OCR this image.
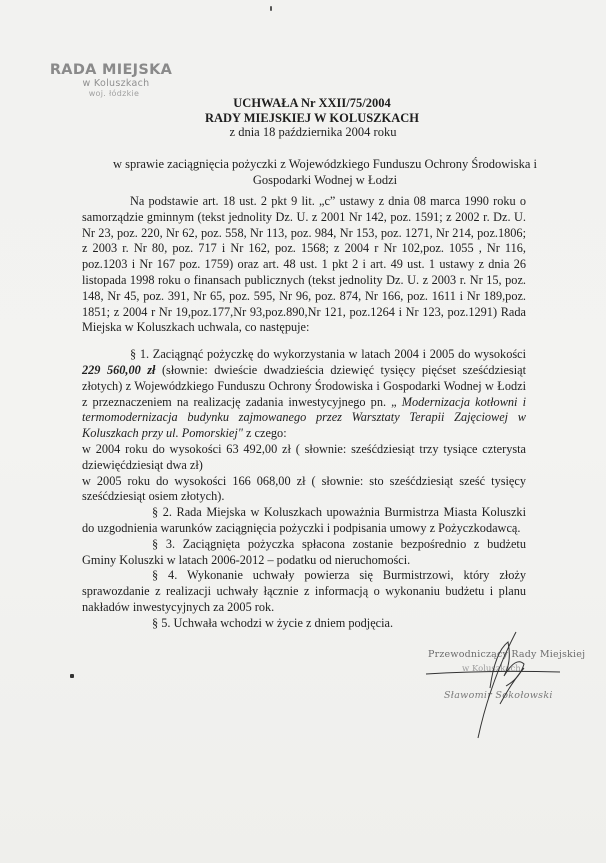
RADA MIEJSKA
w Koluszkach
woj. łódzkie
UCHWAŁA Nr XXII/75/2004
RADY MIEJSKIEJ W KOLUSZKACH
z dnia 18 października 2004 roku
w sprawie zaciągnięcia pożyczki z Wojewódzkiego Funduszu Ochrony Środowiska i
Gospodarki Wodnej w Łodzi

Na podstawie art. 18 ust. 2 pkt 9 lit. „c” ustawy z dnia 08 marca 1990 roku o samorządzie gminnym (tekst jednolity Dz. U. z 2001 Nr 142, poz. 1591; z 2002 r. Dz. U. Nr 23, poz. 220, Nr 62, poz. 558, Nr 113, poz. 984, Nr 153, poz. 1271, Nr 214, poz.1806; z 2003 r. Nr 80, poz. 717 i Nr 162, poz. 1568; z 2004 r Nr 102,poz. 1055 , Nr 116, poz.1203 i Nr 167 poz. 1759) oraz art. 48 ust. 1 pkt 2 i art. 49 ust. 1 ustawy z dnia 26 listopada 1998 roku o finansach publicznych (tekst jednolity Dz. U. z 2003 r. Nr 15, poz. 148, Nr 45, poz. 391, Nr 65, poz. 595, Nr 96, poz. 874, Nr 166, poz. 1611 i Nr 189,poz. 1851; z 2004 r Nr 19,poz.177,Nr 93,poz.890,Nr 121, poz.1264 i Nr 123, poz.1291) Rada Miejska w Koluszkach uchwala, co następuje:

§ 1. Zaciągnąć pożyczkę do wykorzystania w latach 2004 i 2005 do wysokości 229 560,00 zł (słownie: dwieście dwadzieścia dziewięć tysięcy pięćset sześćdziesiąt złotych) z Wojewódzkiego Funduszu Ochrony Środowiska i Gospodarki Wodnej w Łodzi z przeznaczeniem na realizację zadania inwestycyjnego pn. „ Modernizacja kotłowni i termomodernizacja budynku zajmowanego przez Warsztaty Terapii Zajęciowej w Koluszkach przy ul. Pomorskiej" z czego:

w 2004 roku do wysokości 63 492,00 zł ( słownie: sześćdziesiąt trzy tysiące czterysta dziewięćdziesiąt dwa zł)

w 2005 roku do wysokości 166 068,00 zł ( słownie: sto sześćdziesiąt sześć tysięcy sześćdziesiąt osiem złotych).

§ 2. Rada Miejska w Koluszkach upoważnia Burmistrza Miasta Koluszki do uzgodnienia warunków zaciągnięcia pożyczki i podpisania umowy z Pożyczkodawcą.

§ 3. Zaciągnięta pożyczka spłacona zostanie bezpośrednio z budżetu Gminy Koluszki w latach 2006-2012 – podatku od nieruchomości.

§ 4. Wykonanie uchwały powierza się Burmistrzowi, który złoży sprawozdanie z realizacji uchwały łącznie z informacją o wykonaniu budżetu i planu nakładów inwestycyjnych za 2005 rok.

§ 5. Uchwała wchodzi w życie z dniem podjęcia.

Przewodniczący Rady Miejskiej
w Koluszkach
Sławomir Sokołowski
